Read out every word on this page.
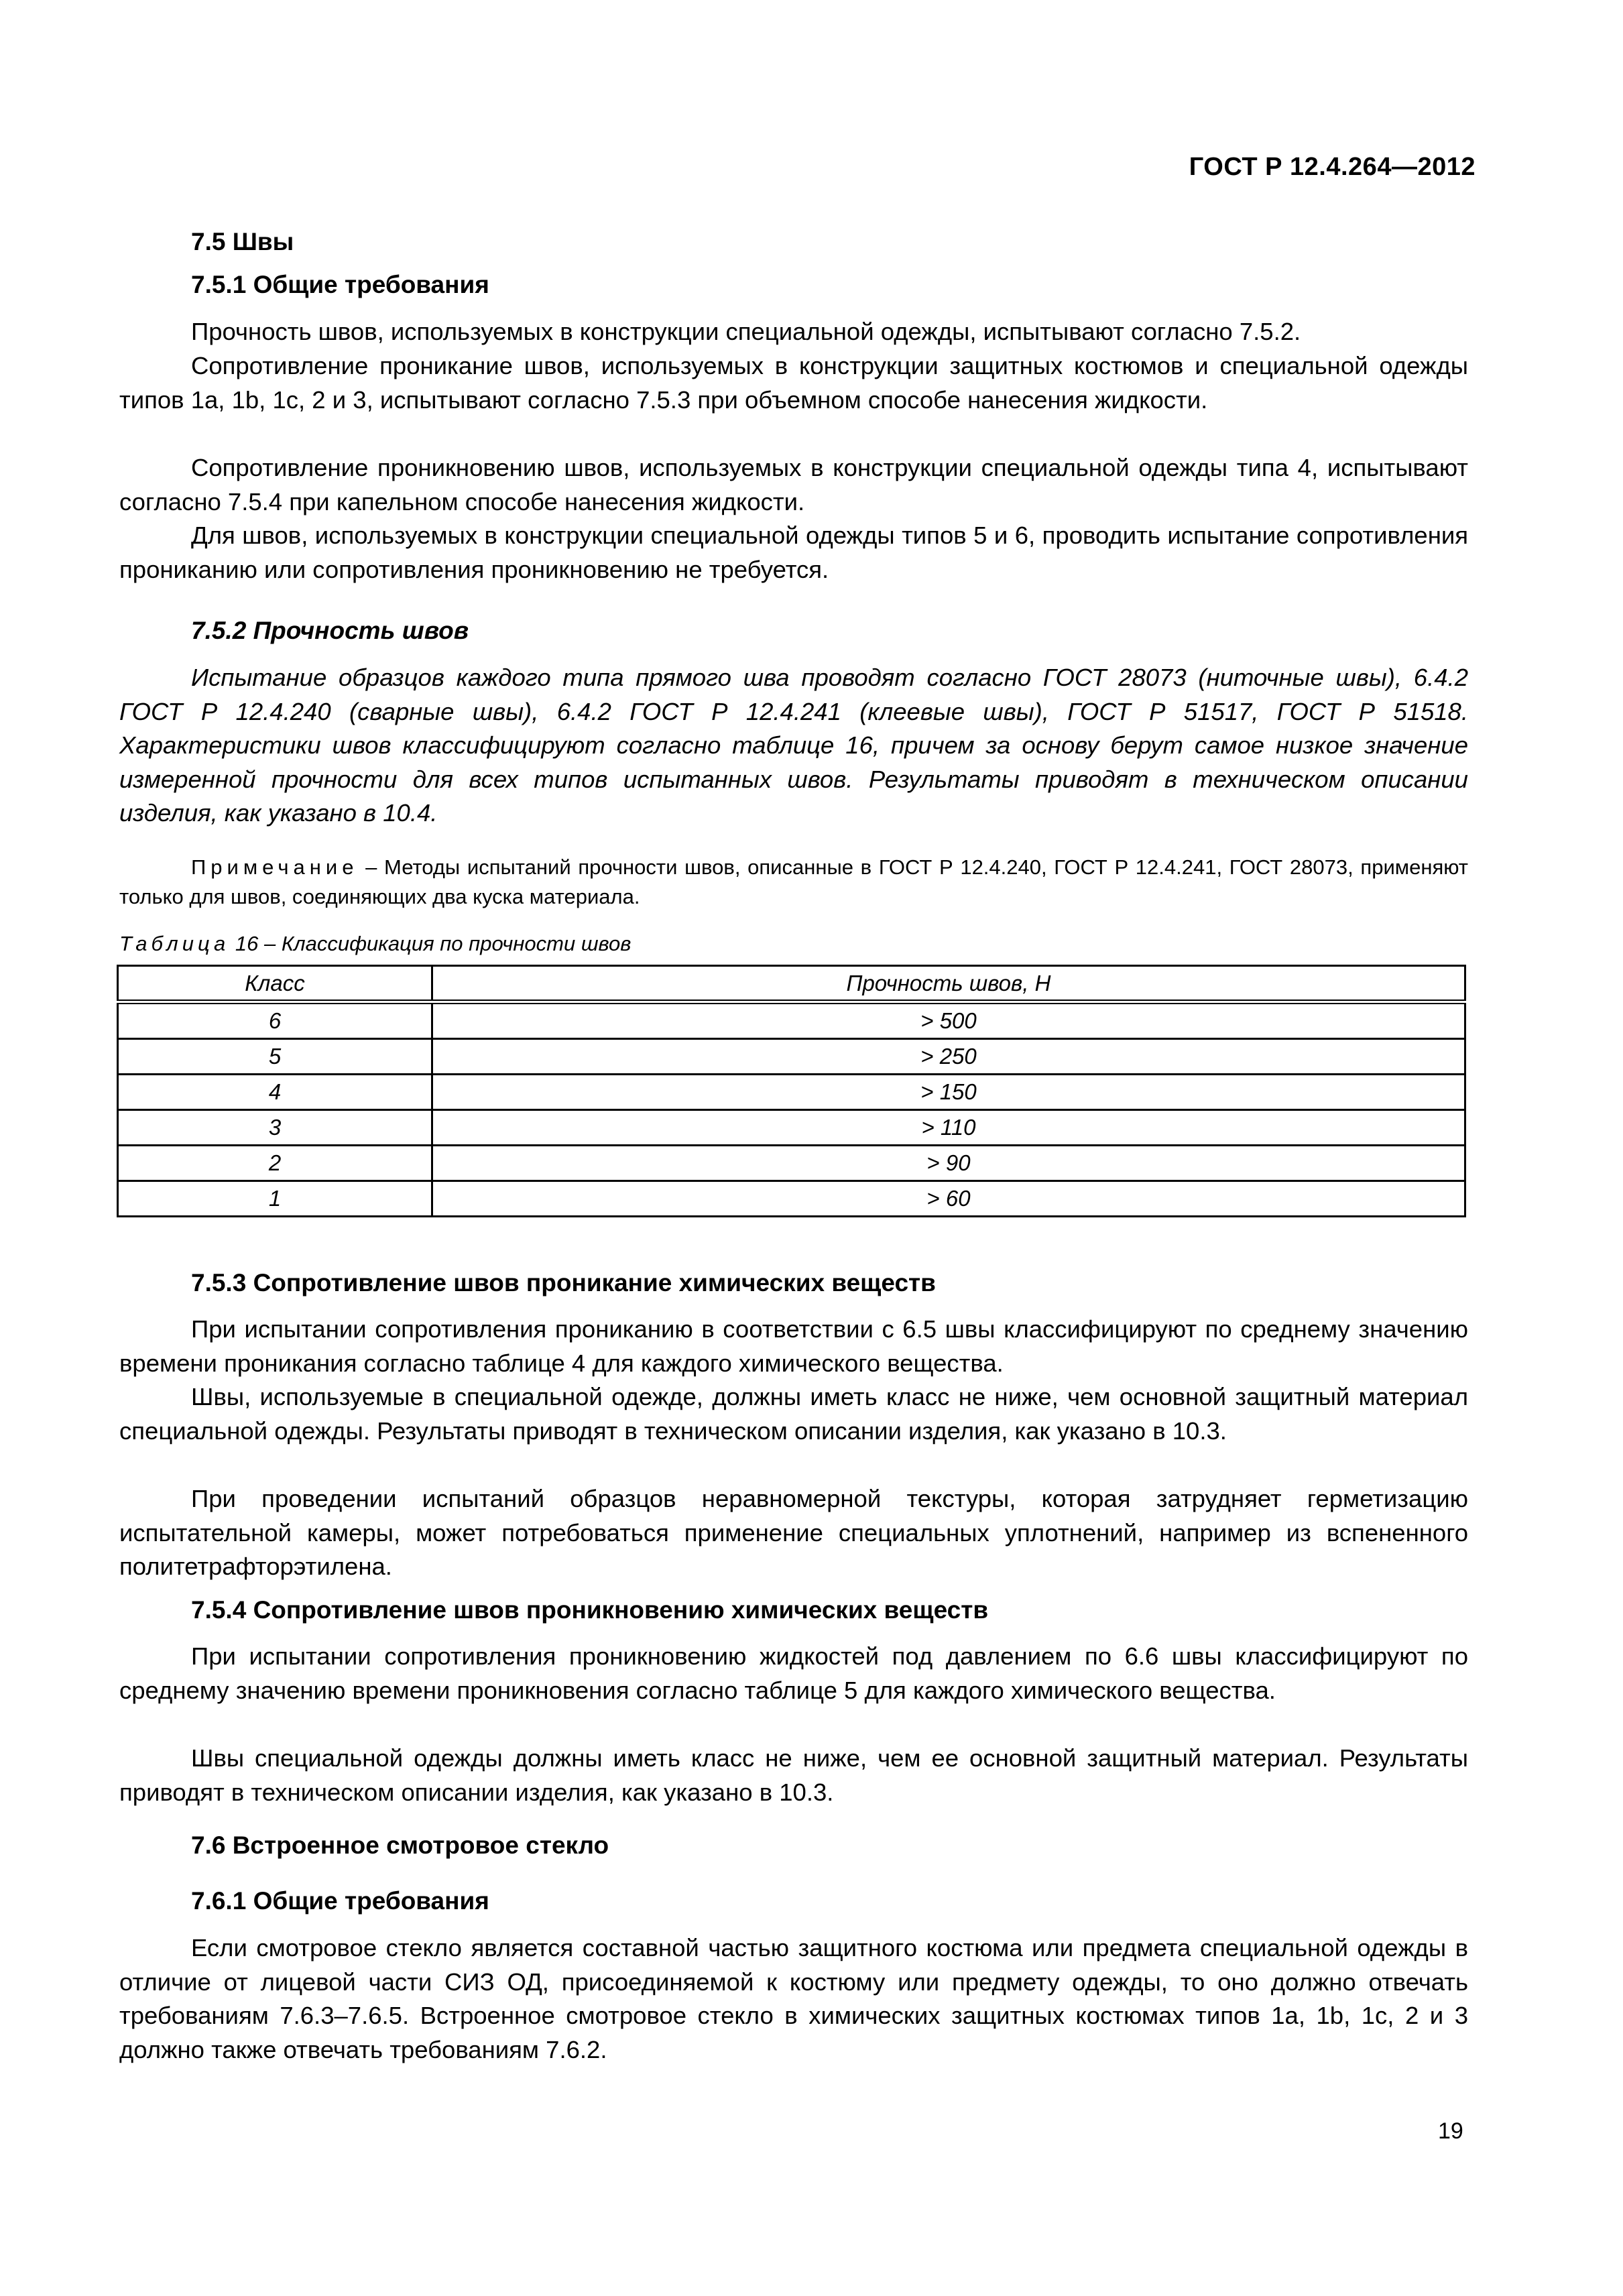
ГОСТ Р 12.4.264—2012
7.5 Швы
7.5.1 Общие требования
Прочность швов, используемых в конструкции специальной одежды, испытывают согласно 7.5.2.
Сопротивление проникание швов, используемых в конструкции защитных костюмов и специальной одежды типов 1a, 1b, 1c, 2 и 3, испытывают согласно 7.5.3 при объемном способе нанесения жидкости.
Сопротивление проникновению швов, используемых в конструкции специальной одежды типа 4, испытывают согласно 7.5.4 при капельном способе нанесения жидкости.
Для швов, используемых в конструкции специальной одежды типов 5 и 6, проводить испытание сопротивления прониканию или сопротивления проникновению не требуется.
7.5.2 Прочность швов
Испытание образцов каждого типа прямого шва проводят согласно ГОСТ 28073 (ниточные швы), 6.4.2 ГОСТ Р 12.4.240 (сварные швы), 6.4.2 ГОСТ Р 12.4.241 (клеевые швы), ГОСТ Р 51517, ГОСТ Р 51518. Характеристики швов классифицируют согласно таблице 16, причем за основу берут самое низкое значение измеренной прочности для всех типов испытанных швов. Результаты приводят в техническом описании изделия, как указано в 10.4.
Примечание – Методы испытаний прочности швов, описанные в ГОСТ Р 12.4.240, ГОСТ Р 12.4.241, ГОСТ 28073, применяют только для швов, соединяющих два куска материала.
Таблица 16 – Классификация по прочности швов
Класс	Прочность швов, Н
6	> 500
5	> 250
4	> 150
3	> 110
2	> 90
1	> 60
7.5.3 Сопротивление швов проникание химических веществ
При испытании сопротивления прониканию в соответствии с 6.5 швы классифицируют по среднему значению времени проникания согласно таблице 4 для каждого химического вещества.
Швы, используемые в специальной одежде, должны иметь класс не ниже, чем основной защитный материал специальной одежды. Результаты приводят в техническом описании изделия, как указано в 10.3.
При проведении испытаний образцов неравномерной текстуры, которая затрудняет герметизацию испытательной камеры, может потребоваться применение специальных уплотнений, например из вспененного политетрафторэтилена.
7.5.4 Сопротивление швов проникновению химических веществ
При испытании сопротивления проникновению жидкостей под давлением по 6.6 швы классифицируют по среднему значению времени проникновения согласно таблице 5 для каждого химического вещества.
Швы специальной одежды должны иметь класс не ниже, чем ее основной защитный материал. Результаты приводят в техническом описании изделия, как указано в 10.3.
7.6 Встроенное смотровое стекло
7.6.1 Общие требования
Если смотровое стекло является составной частью защитного костюма или предмета специальной одежды в отличие от лицевой части СИЗ ОД, присоединяемой к костюму или предмету одежды, то оно должно отвечать требованиям 7.6.3–7.6.5. Встроенное смотровое стекло в химических защитных костюмах типов 1a, 1b, 1c, 2 и 3 должно также отвечать требованиям 7.6.2.
19
